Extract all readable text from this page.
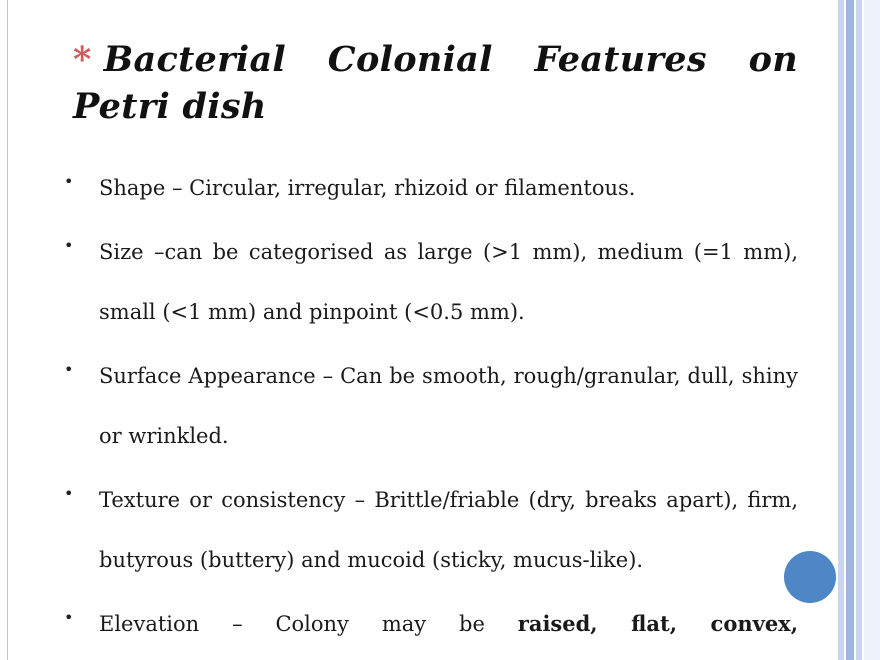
* Bacterial Colonial Features on Petri dish
• Shape – Circular, irregular, rhizoid or filamentous.
• Size –can be categorised as large (>1 mm), medium (=1 mm), small (<1 mm) and pinpoint (<0.5 mm).
• Surface Appearance – Can be smooth, rough/granular, dull, shiny or wrinkled.
• Texture or consistency – Brittle/friable (dry, breaks apart), firm, butyrous (buttery) and mucoid (sticky, mucus-like).
• Elevation – Colony may be raised, flat, convex,
